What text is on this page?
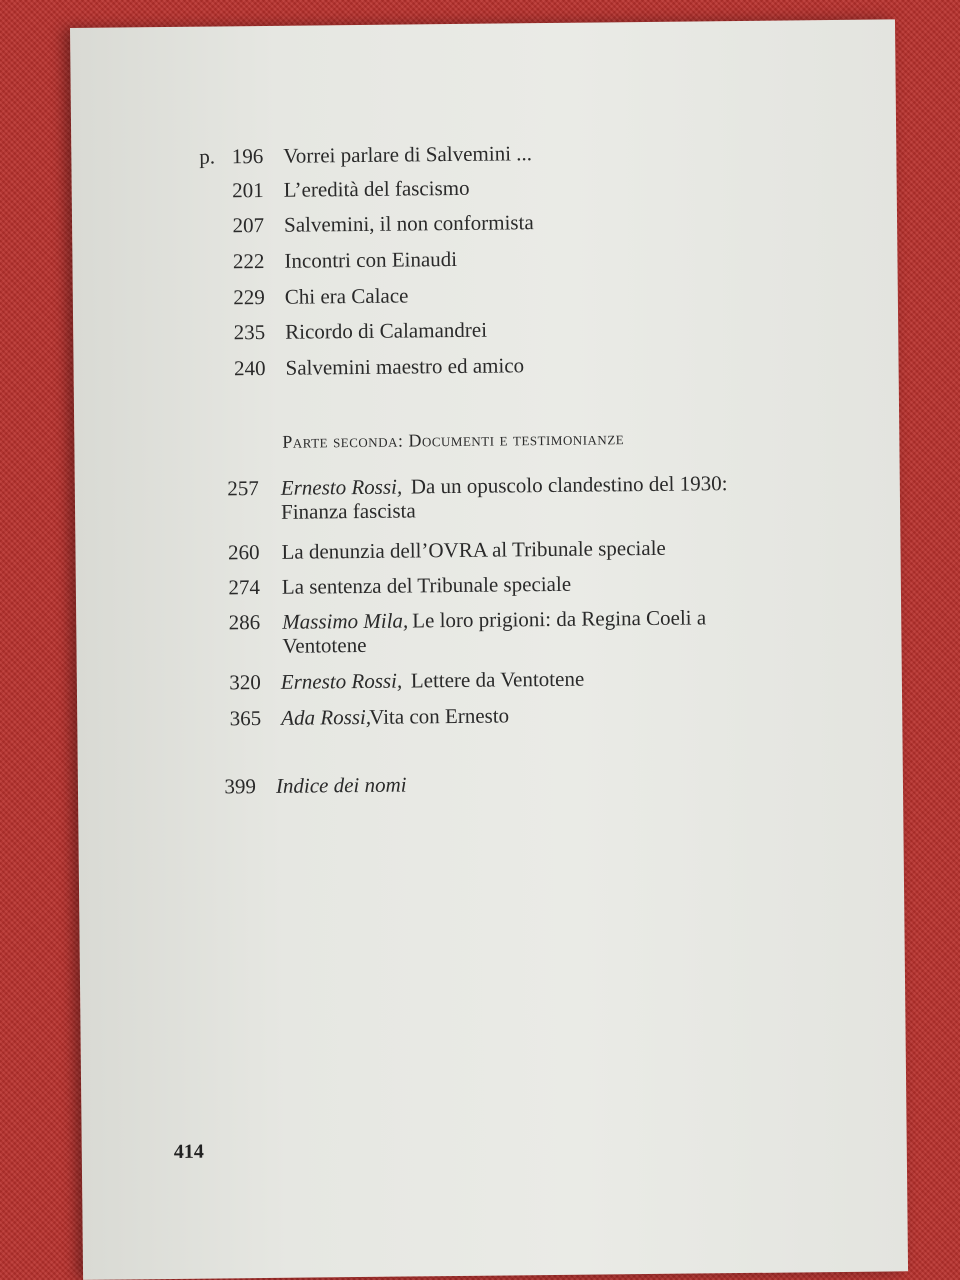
p. 196 Vorrei parlare di Salvemini ...
201 L’eredità del fascismo
207 Salvemini, il non conformista
222 Incontri con Einaudi
229 Chi era Calace
235 Ricordo di Calamandrei
240 Salvemini maestro ed amico
Parte seconda: Documenti e testimonianze
257 Ernesto Rossi, Da un opuscolo clandestino del 1930:
Finanza fascista
260 La denunzia dell’OVRA al Tribunale speciale
274 La sentenza del Tribunale speciale
286 Massimo Mila, Le loro prigioni: da Regina Coeli a
Ventotene
320 Ernesto Rossi, Lettere da Ventotene
365 Ada Rossi,
Vita con Ernesto
399 Indice dei nomi
414
